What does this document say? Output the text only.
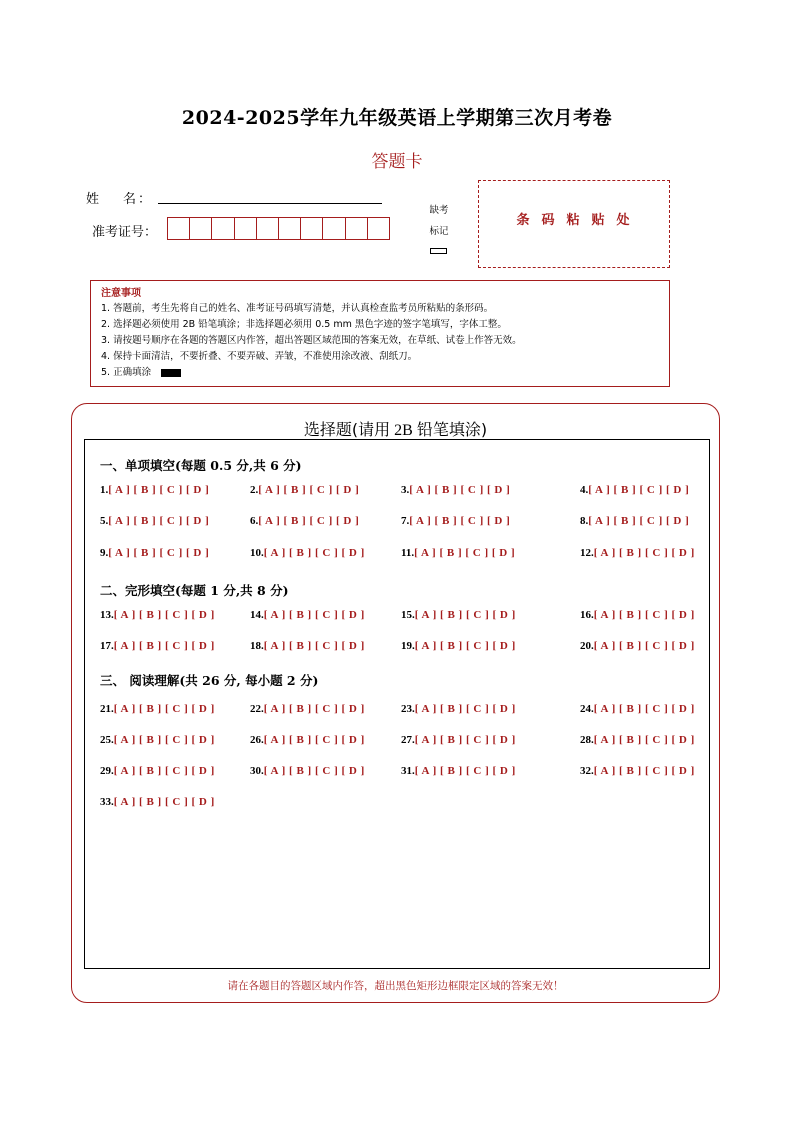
2024-2025学年九年级英语上学期第三次月考卷
答题卡
姓 名：
准考证号：
缺考
标记
条码粘贴处
注意事项
1. 答题前，考生先将自己的姓名、准考证号码填写清楚，并认真检查监考员所粘贴的条形码。
2. 选择题必须使用 2B 铅笔填涂；非选择题必须用 0.5 mm 黑色字迹的签字笔填写，字体工整。
3. 请按题号顺序在各题的答题区内作答，超出答题区域范围的答案无效，在草纸、试卷上作答无效。
4. 保持卡面清洁，不要折叠、不要弄破、弄皱，不准使用涂改液、刮纸刀。
5. 正确填涂
选择题(请用 2B 铅笔填涂)
请在各题目的答题区域内作答，超出黑色矩形边框限定区域的答案无效！
一、单项填空(每题 0.5 分,共 6 分)
二、完形填空(每题 1 分,共 8 分)
三、 阅读理解(共 26 分, 每小题 2 分)
1.[ A ] [ B ] [ C ] [ D ]	2.[ A ] [ B ] [ C ] [ D ]	3.[ A ] [ B ] [ C ] [ D ]	4.[ A ] [ B ] [ C ] [ D ]
5.[ A ] [ B ] [ C ] [ D ]	6.[ A ] [ B ] [ C ] [ D ]	7.[ A ] [ B ] [ C ] [ D ]	8.[ A ] [ B ] [ C ] [ D ]
9.[ A ] [ B ] [ C ] [ D ]	10.[ A ] [ B ] [ C ] [ D ]	11.[ A ] [ B ] [ C ] [ D ]	12.[ A ] [ B ] [ C ] [ D ]
13.[ A ] [ B ] [ C ] [ D ]	14.[ A ] [ B ] [ C ] [ D ]	15.[ A ] [ B ] [ C ] [ D ]	16.[ A ] [ B ] [ C ] [ D ]
17.[ A ] [ B ] [ C ] [ D ]	18.[ A ] [ B ] [ C ] [ D ]	19.[ A ] [ B ] [ C ] [ D ]	20.[ A ] [ B ] [ C ] [ D ]
21.[ A ] [ B ] [ C ] [ D ]	22.[ A ] [ B ] [ C ] [ D ]	23.[ A ] [ B ] [ C ] [ D ]	24.[ A ] [ B ] [ C ] [ D ]
25.[ A ] [ B ] [ C ] [ D ]	26.[ A ] [ B ] [ C ] [ D ]	27.[ A ] [ B ] [ C ] [ D ]	28.[ A ] [ B ] [ C ] [ D ]
29.[ A ] [ B ] [ C ] [ D ]	30.[ A ] [ B ] [ C ] [ D ]	31.[ A ] [ B ] [ C ] [ D ]	32.[ A ] [ B ] [ C ] [ D ]
33.[ A ] [ B ] [ C ] [ D ]
